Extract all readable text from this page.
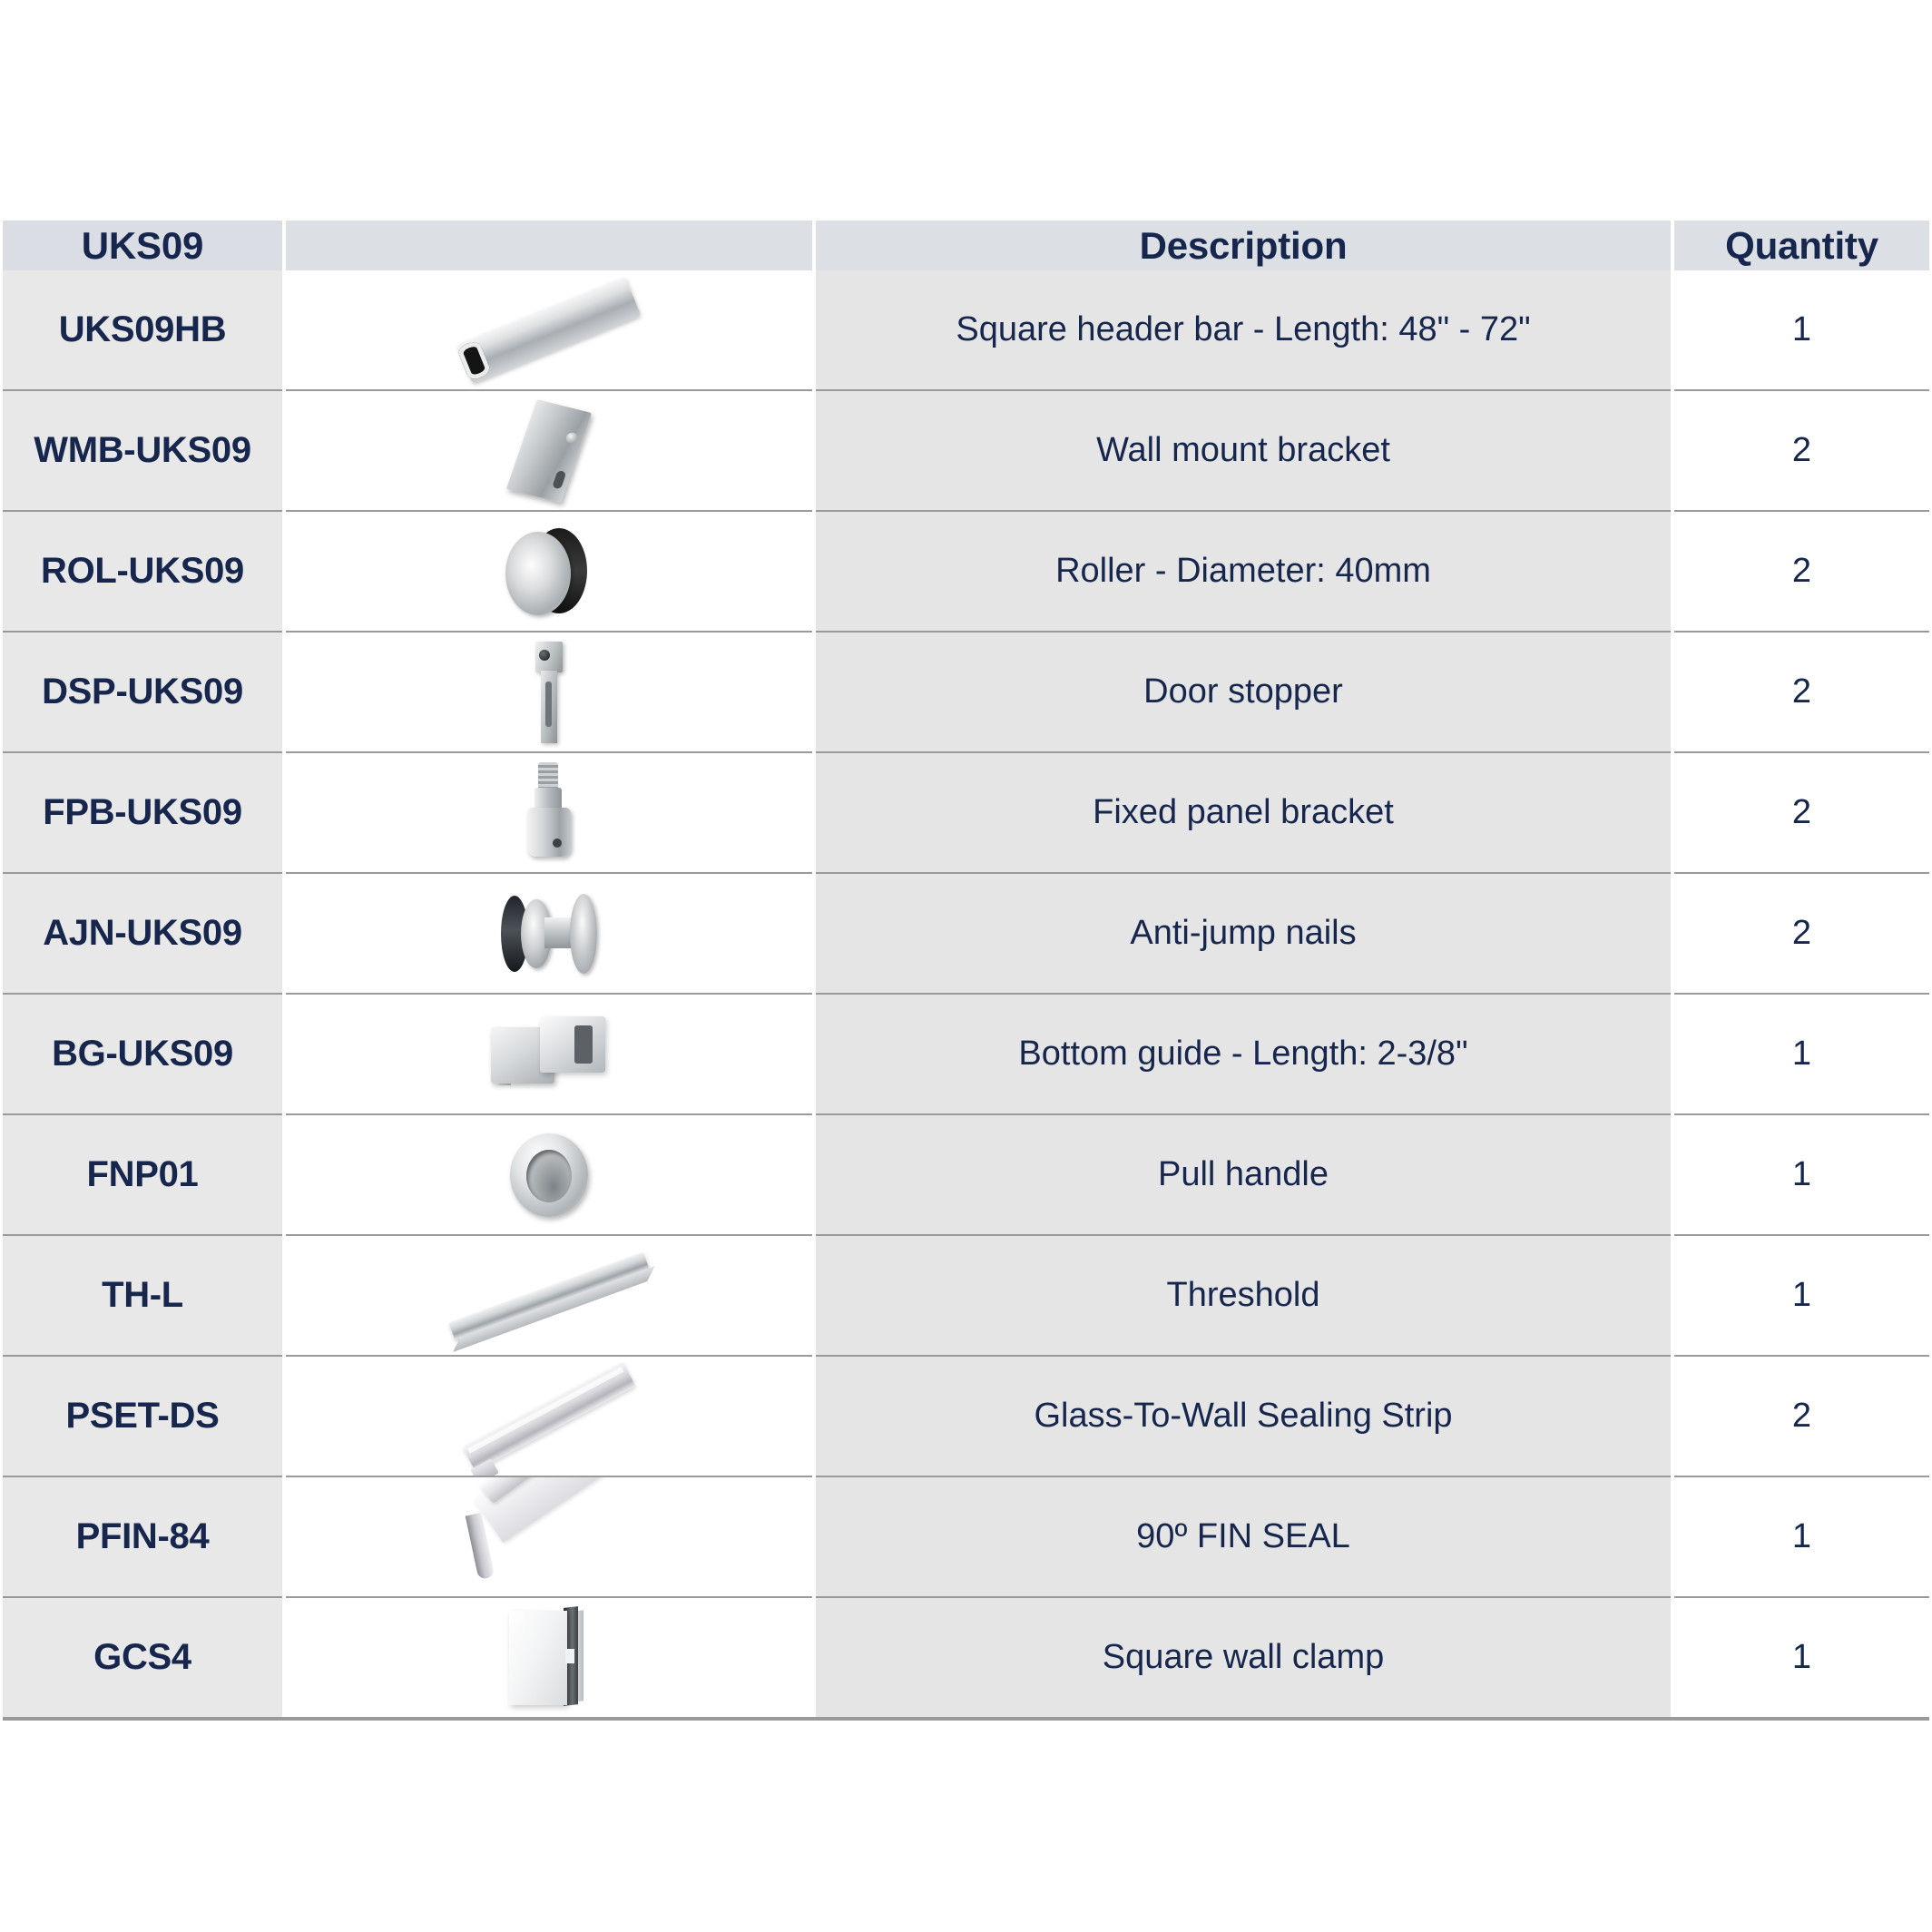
UKS09		Description	Quantity
UKS09HB		Square header bar - Length: 48" - 72"	1
WMB-UKS09		Wall mount bracket	2
ROL-UKS09		Roller - Diameter: 40mm	2
DSP-UKS09		Door stopper	2
FPB-UKS09		Fixed panel bracket	2
AJN-UKS09		Anti-jump nails	2
BG-UKS09		Bottom guide - Length: 2-3/8"	1
FNP01		Pull handle	1
TH-L		Threshold	1
PSET-DS		Glass-To-Wall Sealing Strip	2
PFIN-84		90º FIN SEAL	1
GCS4		Square wall clamp	1
